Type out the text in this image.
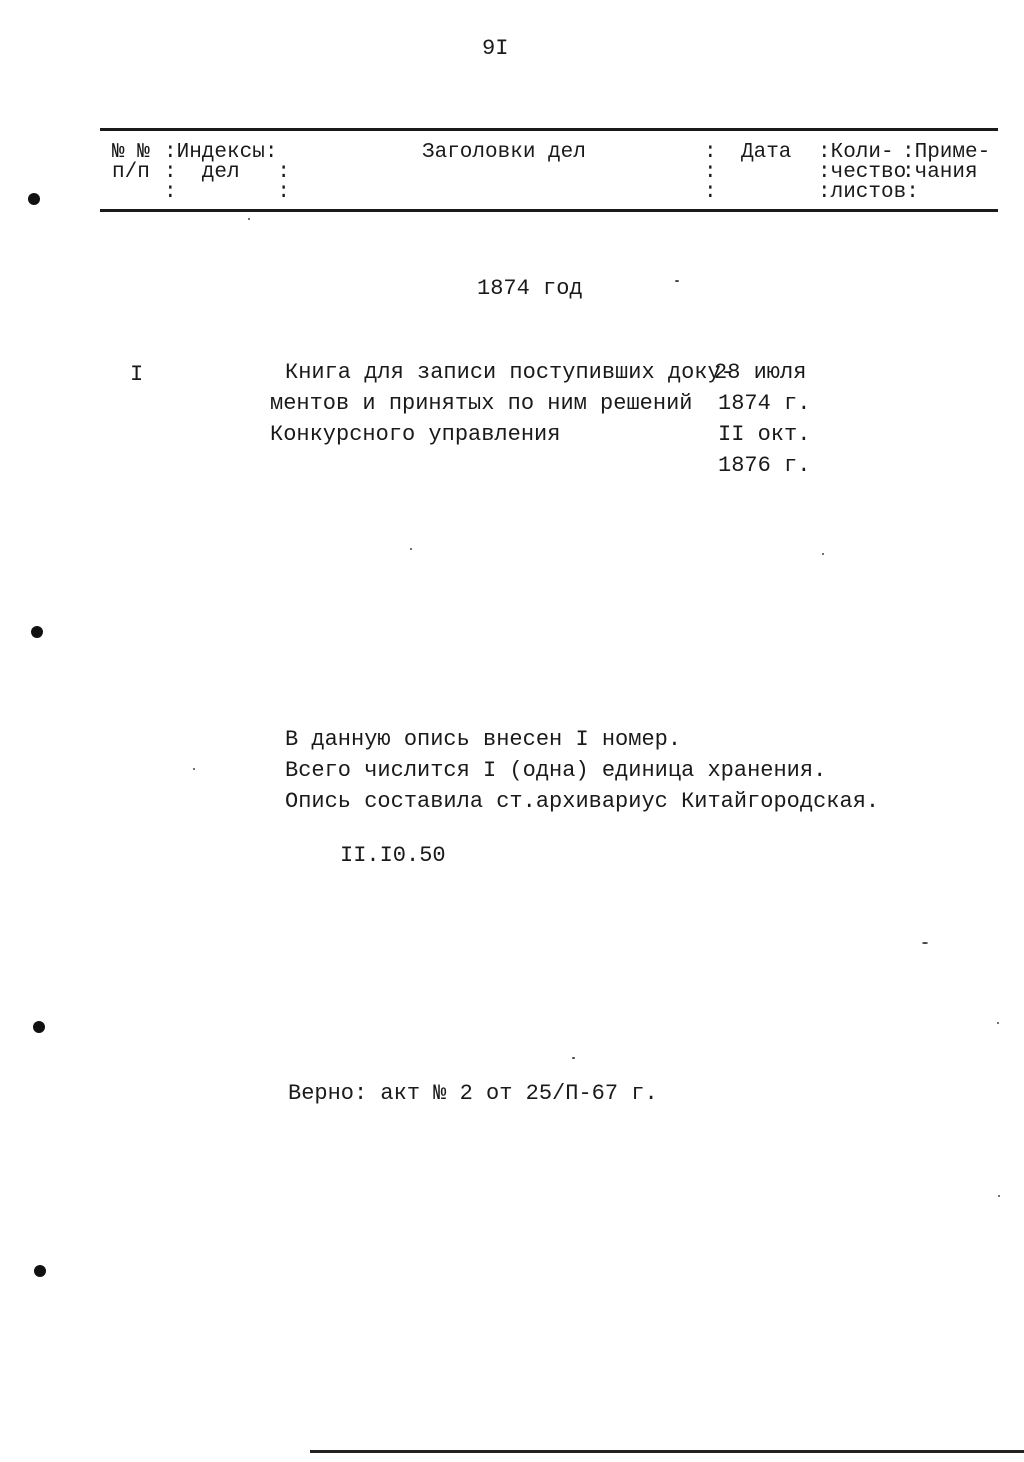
9I
№ №
п/п
:Индексы:
:  дел   :
:        :
Заголовки дел	:
:
:
Дата :Коли-
:чество
:листов:
:Приме-
:чания
1874 год
I	Книга для записи поступивших доку-
ментов и принятых по ним решений
Конкурсного управления
28 июля
1874 г.
II окт.
1876 г.
В данную опись внесен I номер.
Всего числится I (одна) единица хранения.
Опись составила ст.архивариус Китайгородская.
II.I0.50
Верно: акт № 2 от 25/П-67 г.
